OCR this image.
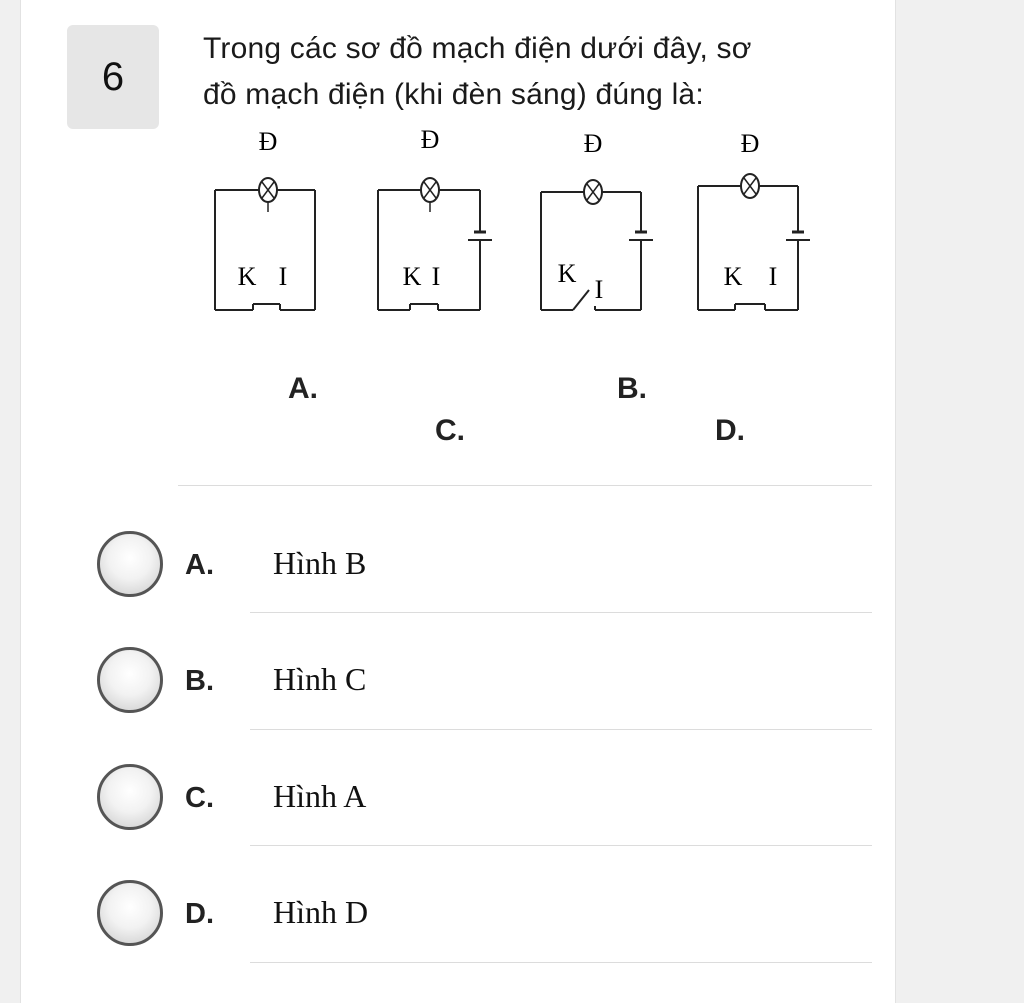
6
Trong các sơ đồ mạch điện dưới đây, sơ
đồ mạch điện (khi đèn sáng) đúng là:
Đ
K I
Đ
K I
Đ
K
I
Đ
K I
A.	B.
C.	D.
A. Hình B
B. Hình C
C. Hình A
D. Hình D
